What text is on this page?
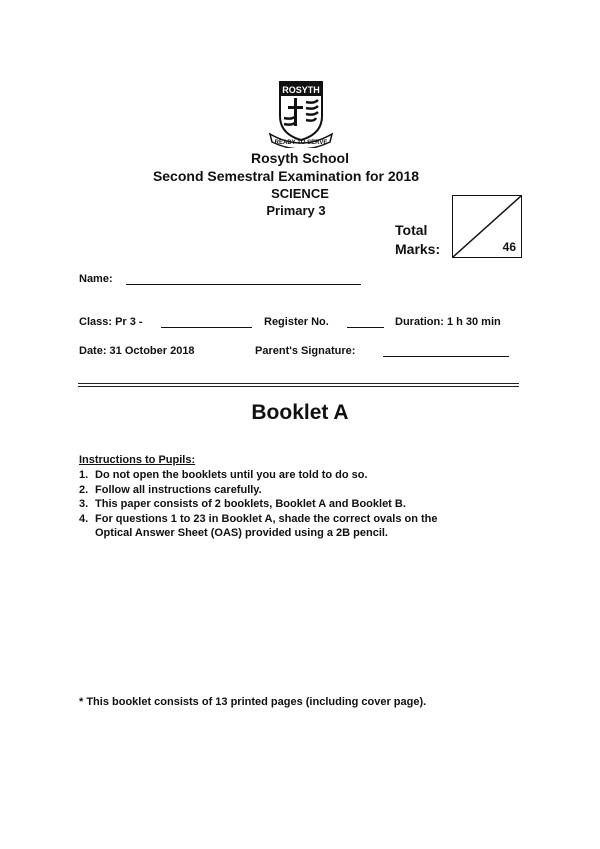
ROSYTH
READY TO SERVE
Rosyth School
Second Semestral Examination for 2018
SCIENCE
Primary 3
Total
Marks:	46
Name:
Class: Pr 3 -	Register No.	Duration: 1 h 30 min
Date: 31 October 2018	Parent's Signature:
Booklet A
Instructions to Pupils:
1. Do not open the booklets until you are told to do so.
2. Follow all instructions carefully.
3. This paper consists of 2 booklets, Booklet A and Booklet B.
4. For questions 1 to 23 in Booklet A, shade the correct ovals on the
Optical Answer Sheet (OAS) provided using a 2B pencil.
* This booklet consists of 13 printed pages (including cover page).
